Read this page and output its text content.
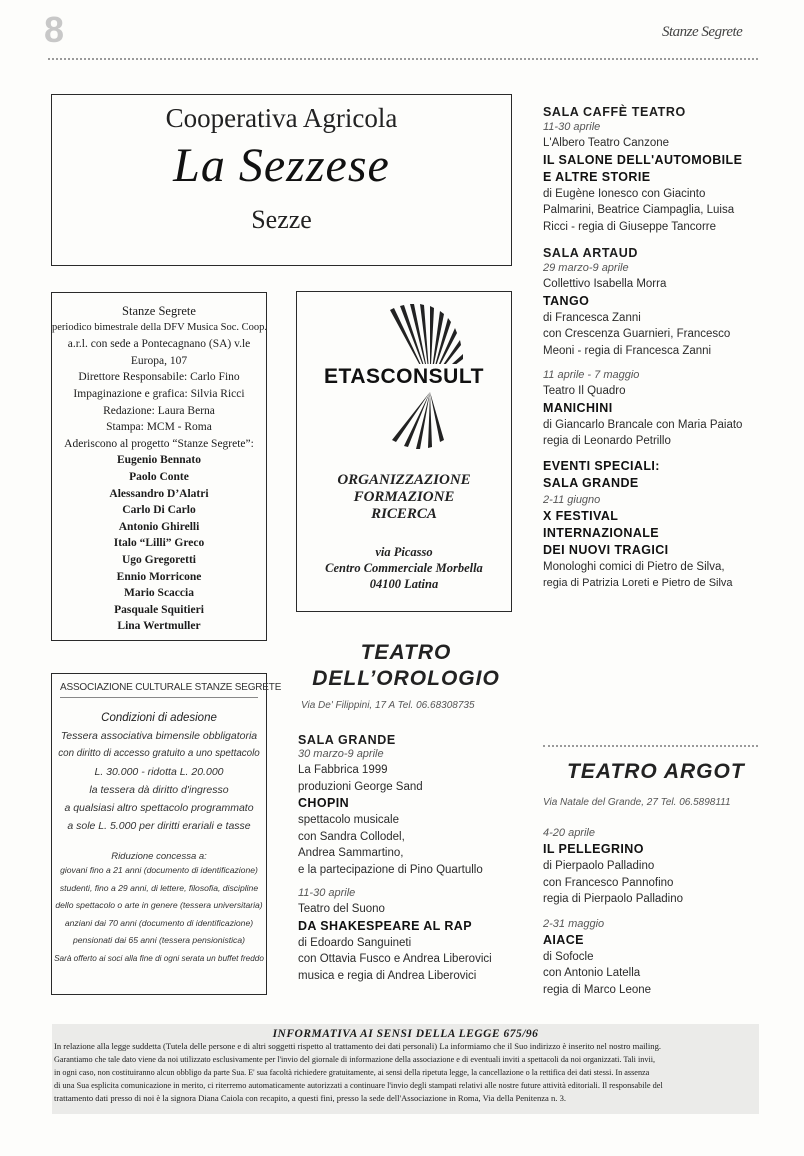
8	Stanze Segrete
Cooperativa Agricola
La Sezzese
Sezze
Stanze Segrete
periodico bimestrale della DFV Musica Soc. Coop.
a.r.l. con sede a Pontecagnano (SA) v.le
Europa, 107
Direttore Responsabile: Carlo Fino
Impaginazione e grafica: Silvia Ricci
Redazione: Laura Berna
Stampa: MCM - Roma
Aderiscono al progetto “Stanze Segrete”:
Eugenio Bennato
Paolo Conte
Alessandro D’Alatri
Carlo Di Carlo
Antonio Ghirelli
Italo “Lilli” Greco
Ugo Gregoretti
Ennio Morricone
Mario Scaccia
Pasquale Squitieri
Lina Wertmuller
ETASCONSULT
ORGANIZZAZIONE
FORMAZIONE
RICERCA
via Picasso
Centro Commerciale Morbella
04100 Latina
ASSOCIAZIONE CULTURALE STANZE SEGRETE
Condizioni di adesione
Tessera associativa bimensile obbligatoria
con diritto di accesso gratuito a uno spettacolo
L. 30.000 - ridotta L. 20.000
la tessera dà diritto d'ingresso
a qualsiasi altro spettacolo programmato
a sole L. 5.000 per diritti erariali e tasse
Riduzione concessa a:
giovani fino a 21 anni (documento di identificazione)
studenti, fino a 29 anni, di lettere, filosofia, discipline
dello spettacolo o arte in genere (tessera universitaria)
anziani dai 70 anni (documento di identificazione)
pensionati dai 65 anni (tessera pensionistica)
Sarà offerto ai soci alla fine di ogni serata un buffet freddo
TEATRO
DELL’OROLOGIO
Via De' Filippini, 17 A Tel. 06.68308735
SALA GRANDE
30 marzo-9 aprile
La Fabbrica 1999
produzioni George Sand
CHOPIN
spettacolo musicale
con Sandra Collodel,
Andrea Sammartino,
e la partecipazione di Pino Quartullo
11-30 aprile
Teatro del Suono
DA SHAKESPEARE AL RAP
di Edoardo Sanguineti
con Ottavia Fusco e Andrea Liberovici
musica e regia di Andrea Liberovici
SALA CAFFÈ TEATRO
11-30 aprile
L'Albero Teatro Canzone
IL SALONE DELL'AUTOMOBILE
E ALTRE STORIE
di Eugène Ionesco con Giacinto
Palmarini, Beatrice Ciampaglia, Luisa
Ricci - regia di Giuseppe Tancorre
SALA ARTAUD
29 marzo-9 aprile
Collettivo Isabella Morra
TANGO
di Francesca Zanni
con Crescenza Guarnieri, Francesco
Meoni - regia di Francesca Zanni
11 aprile - 7 maggio
Teatro Il Quadro
MANICHINI
di Giancarlo Brancale con Maria Paiato
regia di Leonardo Petrillo
EVENTI SPECIALI:
SALA GRANDE
2-11 giugno
X FESTIVAL
INTERNAZIONALE
DEI NUOVI TRAGICI
Monologhi comici di Pietro de Silva,
regia di Patrizia Loreti e Pietro de Silva
TEATRO ARGOT
Via Natale del Grande, 27 Tel. 06.5898111
4-20 aprile
IL PELLEGRINO
di Pierpaolo Palladino
con Francesco Pannofino
regia di Pierpaolo Palladino
2-31 maggio
AIACE
di Sofocle
con Antonio Latella
regia di Marco Leone
INFORMATIVA AI SENSI DELLA LEGGE 675/96
In relazione alla legge suddetta (Tutela delle persone e di altri soggetti rispetto al trattamento dei dati personali) La informiamo che il Suo indirizzo è inserito nel nostro mailing.
Garantiamo che tale dato viene da noi utilizzato esclusivamente per l'invio del giornale di informazione della associazione e di eventuali inviti a spettacoli da noi organizzati. Tali invii,
in ogni caso, non costituiranno alcun obbligo da parte Sua. E' sua facoltà richiedere gratuitamente, ai sensi della ripetuta legge, la cancellazione o la rettifica dei dati stessi. In assenza
di una Sua esplicita comunicazione in merito, ci riterremo automaticamente autorizzati a continuare l'invio degli stampati relativi alle nostre future attività editoriali. Il responsabile del
trattamento dati presso di noi è la signora Diana Caiola con recapito, a questi fini, presso la sede dell'Associazione in Roma, Via della Penitenza n. 3.
